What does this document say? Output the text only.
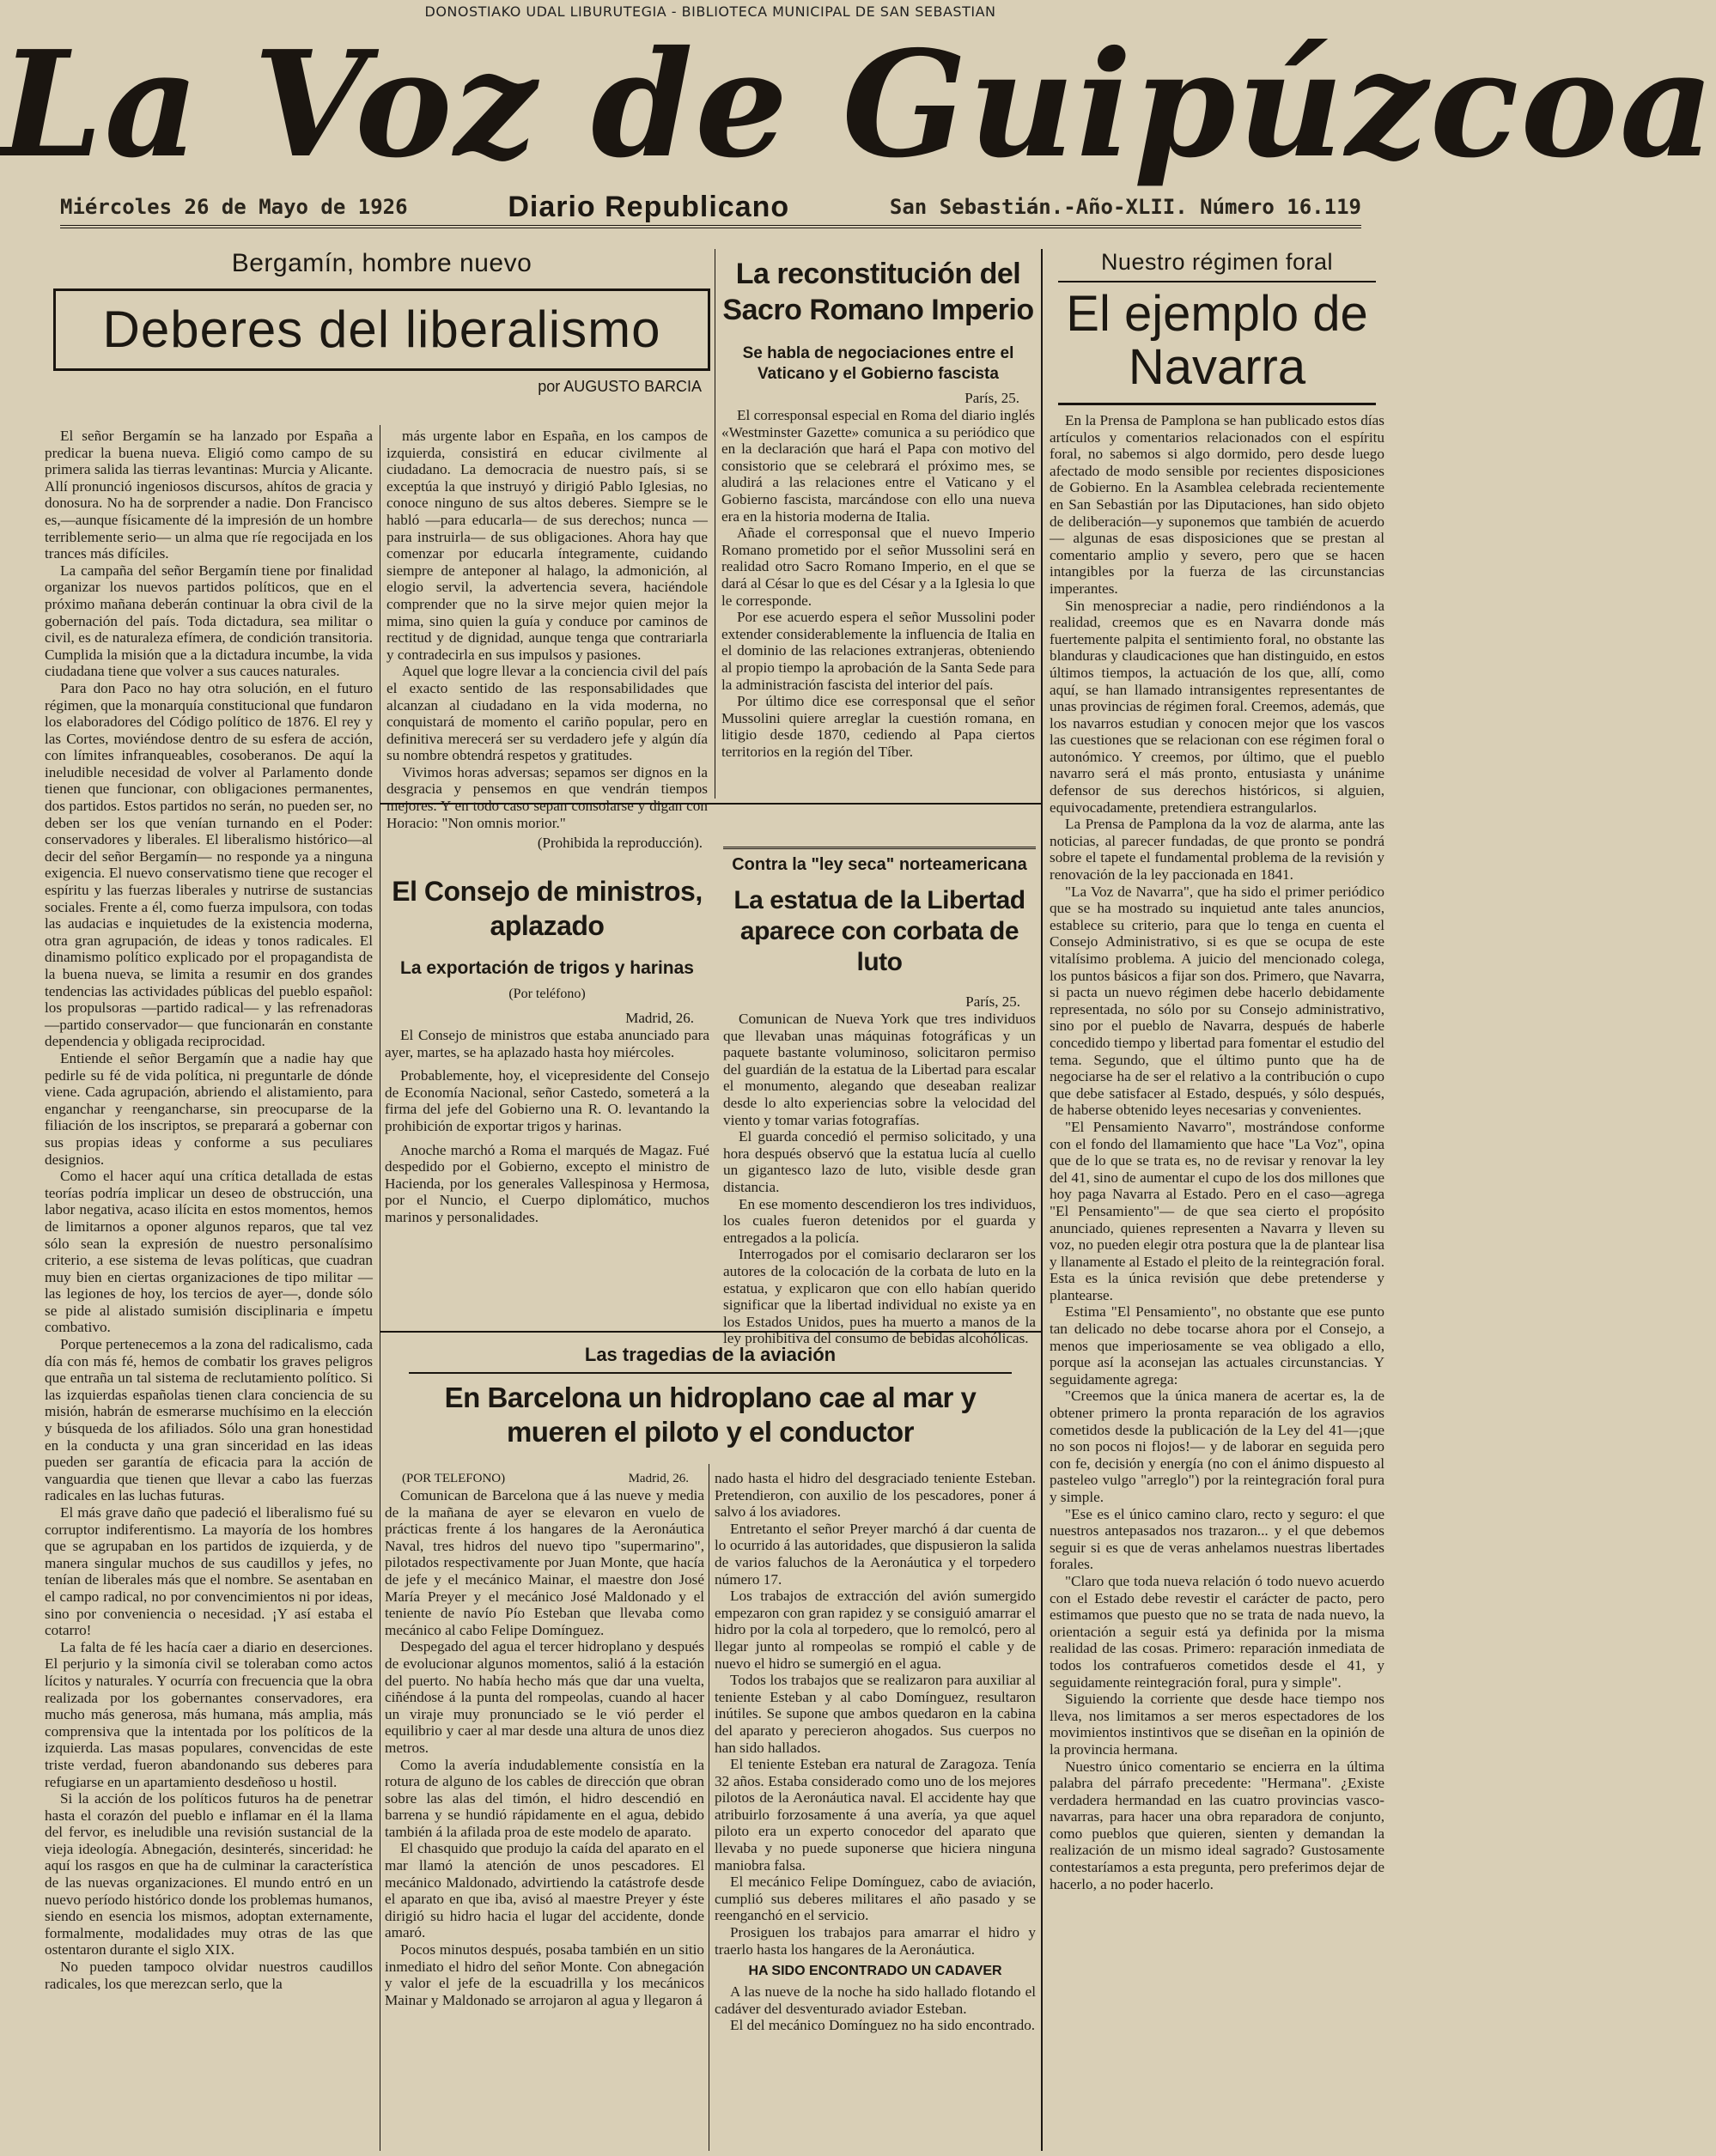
DONOSTIAKO UDAL LIBURUTEGIA - BIBLIOTECA MUNICIPAL DE SAN SEBASTIAN
La Voz de Guipúzcoa
Miércoles 26 de Mayo de 1926	Diario Republicano	San Sebastián.-Año-XLII. Número 16.119
Bergamín, hombre nuevo
Deberes del liberalismo
por AUGUSTO BARCIA

El señor Bergamín se ha lanzado por España a predicar la buena nueva. Eligió como campo de su primera salida las tierras levantinas: Murcia y Alicante. Allí pronunció ingeniosos discursos, ahítos de gracia y donosura. No ha de sorprender a nadie. Don Francisco es,—aunque físicamente dé la impresión de un hombre terriblemente serio— un alma que ríe regocijada en los trances más difíciles.

La campaña del señor Bergamín tiene por finalidad organizar los nuevos partidos políticos, que en el próximo mañana deberán continuar la obra civil de la gobernación del país. Toda dictadura, sea militar o civil, es de naturaleza efímera, de condición transitoria. Cumplida la misión que a la dictadura incumbe, la vida ciudadana tiene que volver a sus cauces naturales.

Para don Paco no hay otra solución, en el futuro régimen, que la monarquía constitucional que fundaron los elaboradores del Código político de 1876. El rey y las Cortes, moviéndose dentro de su esfera de acción, con límites infranqueables, cosoberanos. De aquí la ineludible necesidad de volver al Parlamento donde tienen que funcionar, con obligaciones permanentes, dos partidos. Estos partidos no serán, no pueden ser, no deben ser los que venían turnando en el Poder: conservadores y liberales. El liberalismo histórico—al decir del señor Bergamín— no responde ya a ninguna exigencia. El nuevo conservatismo tiene que recoger el espíritu y las fuerzas liberales y nutrirse de sustancias sociales. Frente a él, como fuerza impulsora, con todas las audacias e inquietudes de la existencia moderna, otra gran agrupación, de ideas y tonos radicales. El dinamismo político explicado por el propagandista de la buena nueva, se limita a resumir en dos grandes tendencias las actividades públicas del pueblo español: los propulsoras —partido radical— y las refrenadoras—partido conservador— que funcionarán en constante dependencia y obligada reciprocidad.

Entiende el señor Bergamín que a nadie hay que pedirle su fé de vida política, ni preguntarle de dónde viene. Cada agrupación, abriendo el alistamiento, para enganchar y reengancharse, sin preocuparse de la filiación de los inscriptos, se preparará a gobernar con sus propias ideas y conforme a sus peculiares designios.

Como el hacer aquí una crítica detallada de estas teorías podría implicar un deseo de obstrucción, una labor negativa, acaso ilícita en estos momentos, hemos de limitarnos a oponer algunos reparos, que tal vez sólo sean la expresión de nuestro personalísimo criterio, a ese sistema de levas políticas, que cuadran muy bien en ciertas organizaciones de tipo militar —las legiones de hoy, los tercios de ayer—, donde sólo se pide al alistado sumisión disciplinaria e ímpetu combativo.

Porque pertenecemos a la zona del radicalismo, cada día con más fé, hemos de combatir los graves peligros que entraña un tal sistema de reclutamiento político. Si las izquierdas españolas tienen clara conciencia de su misión, habrán de esmerarse muchísimo en la elección y búsqueda de los afiliados. Sólo una gran honestidad en la conducta y una gran sinceridad en las ideas pueden ser garantía de eficacia para la acción de vanguardia que tienen que llevar a cabo las fuerzas radicales en las luchas futuras.

El más grave daño que padeció el liberalismo fué su corruptor indiferentismo. La mayoría de los hombres que se agrupaban en los partidos de izquierda, y de manera singular muchos de sus caudillos y jefes, no tenían de liberales más que el nombre. Se asentaban en el campo radical, no por convencimientos ni por ideas, sino por conveniencia o necesidad. ¡Y así estaba el cotarro!

La falta de fé les hacía caer a diario en deserciones. El perjurio y la simonía civil se toleraban como actos lícitos y naturales. Y ocurría con frecuencia que la obra realizada por los gobernantes conservadores, era mucho más generosa, más humana, más amplia, más comprensiva que la intentada por los políticos de la izquierda. Las masas populares, convencidas de este triste verdad, fueron abandonando sus deberes para refugiarse en un apartamiento desdeñoso u hostil.

Si la acción de los políticos futuros ha de penetrar hasta el corazón del pueblo e inflamar en él la llama del fervor, es ineludible una revisión sustancial de la vieja ideología. Abnegación, desinterés, sinceridad: he aquí los rasgos en que ha de culminar la característica de las nuevas organizaciones. El mundo entró en un nuevo período histórico donde los problemas humanos, siendo en esencia los mismos, adoptan externamente, formalmente, modalidades muy otras de las que ostentaron durante el siglo XIX.

No pueden tampoco olvidar nuestros caudillos radicales, los que merezcan serlo, que la

más urgente labor en España, en los campos de izquierda, consistirá en educar civilmente al ciudadano. La democracia de nuestro país, si se exceptúa la que instruyó y dirigió Pablo Iglesias, no conoce ninguno de sus altos deberes. Siempre se le habló —para educarla— de sus derechos; nunca —para instruirla— de sus obligaciones. Ahora hay que comenzar por educarla íntegramente, cuidando siempre de anteponer al halago, la admonición, al elogio servil, la advertencia severa, haciéndole comprender que no la sirve mejor quien mejor la mima, sino quien la guía y conduce por caminos de rectitud y de dignidad, aunque tenga que contrariarla y contradecirla en sus impulsos y pasiones.

Aquel que logre llevar a la conciencia civil del país el exacto sentido de las responsabilidades que alcanzan al ciudadano en la vida moderna, no conquistará de momento el cariño popular, pero en definitiva merecerá ser su verdadero jefe y algún día su nombre obtendrá respetos y gratitudes.

Vivimos horas adversas; sepamos ser dignos en la desgracia y pensemos en que vendrán tiempos mejores. Y en todo caso sepan consolarse y digan con Horacio: "Non omnis morior."

(Prohibida la reproducción).
La reconstitución del Sacro Romano Imperio
Se habla de negociaciones entre el Vaticano y el Gobierno fascista
París, 25.

El corresponsal especial en Roma del diario inglés «Westminster Gazette» comunica a su periódico que en la declaración que hará el Papa con motivo del consistorio que se celebrará el próximo mes, se aludirá a las relaciones entre el Vaticano y el Gobierno fascista, marcándose con ello una nueva era en la historia moderna de Italia.

Añade el corresponsal que el nuevo Imperio Romano prometido por el señor Mussolini será en realidad otro Sacro Romano Imperio, en el que se dará al César lo que es del César y a la Iglesia lo que le corresponde.

Por ese acuerdo espera el señor Mussolini poder extender considerablemente la influencia de Italia en el dominio de las relaciones extranjeras, obteniendo al propio tiempo la aprobación de la Santa Sede para la administración fascista del interior del país.

Por último dice ese corresponsal que el señor Mussolini quiere arreglar la cuestión romana, en litigio desde 1870, cediendo al Papa ciertos territorios en la región del Tíber.

El Consejo de ministros, aplazado
La exportación de trigos y harinas
(Por teléfono)
Madrid, 26.

El Consejo de ministros que estaba anunciado para ayer, martes, se ha aplazado hasta hoy miércoles.

Probablemente, hoy, el vicepresidente del Consejo de Economía Nacional, señor Castedo, someterá a la firma del jefe del Gobierno una R. O. levantando la prohibición de exportar trigos y harinas.

Anoche marchó a Roma el marqués de Magaz. Fué despedido por el Gobierno, excepto el ministro de Hacienda, por los generales Vallespinosa y Hermosa, por el Nuncio, el Cuerpo diplomático, muchos marinos y personalidades.

Contra la "ley seca" norteamericana
La estatua de la Libertad aparece con corbata de luto
París, 25.

Comunican de Nueva York que tres individuos que llevaban unas máquinas fotográficas y un paquete bastante voluminoso, solicitaron permiso del guardián de la estatua de la Libertad para escalar el monumento, alegando que deseaban realizar desde lo alto experiencias sobre la velocidad del viento y tomar varias fotografías.

El guarda concedió el permiso solicitado, y una hora después observó que la estatua lucía al cuello un gigantesco lazo de luto, visible desde gran distancia.

En ese momento descendieron los tres individuos, los cuales fueron detenidos por el guarda y entregados a la policía.

Interrogados por el comisario declararon ser los autores de la colocación de la corbata de luto en la estatua, y explicaron que con ello habían querido significar que la libertad individual no existe ya en los Estados Unidos, pues ha muerto a manos de la ley prohibitiva del consumo de bebidas alcohólicas.

Las tragedias de la aviación
En Barcelona un hidroplano cae al mar y mueren el piloto y el conductor
(POR TELEFONO)	Madrid, 26.

Comunican de Barcelona que á las nueve y media de la mañana de ayer se elevaron en vuelo de prácticas frente á los hangares de la Aeronáutica Naval, tres hidros del nuevo tipo "supermarino", pilotados respectivamente por Juan Monte, que hacía de jefe y el mecánico Mainar, el maestre don José María Preyer y el mecánico José Maldonado y el teniente de navío Pío Esteban que llevaba como mecánico al cabo Felipe Domínguez.

Despegado del agua el tercer hidroplano y después de evolucionar algunos momentos, salió á la estación del puerto. No había hecho más que dar una vuelta, ciñéndose á la punta del rompeolas, cuando al hacer un viraje muy pronunciado se le vió perder el equilibrio y caer al mar desde una altura de unos diez metros.

Como la avería indudablemente consistía en la rotura de alguno de los cables de dirección que obran sobre las alas del timón, el hidro descendió en barrena y se hundió rápidamente en el agua, debido también á la afilada proa de este modelo de aparato.

El chasquido que produjo la caída del aparato en el mar llamó la atención de unos pescadores. El mecánico Maldonado, advirtiendo la catástrofe desde el aparato en que iba, avisó al maestre Preyer y éste dirigió su hidro hacia el lugar del accidente, donde amaró.

Pocos minutos después, posaba también en un sitio inmediato el hidro del señor Monte. Con abnegación y valor el jefe de la escuadrilla y los mecánicos Mainar y Maldonado se arrojaron al agua y llegaron á

nado hasta el hidro del desgraciado teniente Esteban. Pretendieron, con auxilio de los pescadores, poner á salvo á los aviadores.

Entretanto el señor Preyer marchó á dar cuenta de lo ocurrido á las autoridades, que dispusieron la salida de varios faluchos de la Aeronáutica y el torpedero número 17.

Los trabajos de extracción del avión sumergido empezaron con gran rapidez y se consiguió amarrar el hidro por la cola al torpedero, que lo remolcó, pero al llegar junto al rompeolas se rompió el cable y de nuevo el hidro se sumergió en el agua.

Todos los trabajos que se realizaron para auxiliar al teniente Esteban y al cabo Domínguez, resultaron inútiles. Se supone que ambos quedaron en la cabina del aparato y perecieron ahogados. Sus cuerpos no han sido hallados.

El teniente Esteban era natural de Zaragoza. Tenía 32 años. Estaba considerado como uno de los mejores pilotos de la Aeronáutica naval. El accidente hay que atribuirlo forzosamente á una avería, ya que aquel piloto era un experto conocedor del aparato que llevaba y no puede suponerse que hiciera ninguna maniobra falsa.

El mecánico Felipe Domínguez, cabo de aviación, cumplió sus deberes militares el año pasado y se reenganchó en el servicio.

Prosiguen los trabajos para amarrar el hidro y traerlo hasta los hangares de la Aeronáutica.

HA SIDO ENCONTRADO UN CADAVER

A las nueve de la noche ha sido hallado flotando el cadáver del desventurado aviador Esteban.

El del mecánico Domínguez no ha sido encontrado.

Nuestro régimen foral
El ejemplo de Navarra

En la Prensa de Pamplona se han publicado estos días artículos y comentarios relacionados con el espíritu foral, no sabemos si algo dormido, pero desde luego afectado de modo sensible por recientes disposiciones de Gobierno. En la Asamblea celebrada recientemente en San Sebastián por las Diputaciones, han sido objeto de deliberación—y suponemos que también de acuerdo— algunas de esas disposiciones que se prestan al comentario amplio y severo, pero que se hacen intangibles por la fuerza de las circunstancias imperantes.

Sin menospreciar a nadie, pero rindiéndonos a la realidad, creemos que es en Navarra donde más fuertemente palpita el sentimiento foral, no obstante las blanduras y claudicaciones que han distinguido, en estos últimos tiempos, la actuación de los que, allí, como aquí, se han llamado intransigentes representantes de unas provincias de régimen foral. Creemos, además, que los navarros estudian y conocen mejor que los vascos las cuestiones que se relacionan con ese régimen foral o autonómico. Y creemos, por último, que el pueblo navarro será el más pronto, entusiasta y unánime defensor de sus derechos históricos, si alguien, equivocadamente, pretendiera estrangularlos.

La Prensa de Pamplona da la voz de alarma, ante las noticias, al parecer fundadas, de que pronto se pondrá sobre el tapete el fundamental problema de la revisión y renovación de la ley paccionada en 1841.

"La Voz de Navarra", que ha sido el primer periódico que se ha mostrado su inquietud ante tales anuncios, establece su criterio, para que lo tenga en cuenta el Consejo Administrativo, si es que se ocupa de este vitalísimo problema. A juicio del mencionado colega, los puntos básicos a fijar son dos. Primero, que Navarra, si pacta un nuevo régimen debe hacerlo debidamente representada, no sólo por su Consejo administrativo, sino por el pueblo de Navarra, después de haberle concedido tiempo y libertad para fomentar el estudio del tema. Segundo, que el último punto que ha de negociarse ha de ser el relativo a la contribución o cupo que debe satisfacer al Estado, después, y sólo después, de haberse obtenido leyes necesarias y convenientes.

"El Pensamiento Navarro", mostrándose conforme con el fondo del llamamiento que hace "La Voz", opina que de lo que se trata es, no de revisar y renovar la ley del 41, sino de aumentar el cupo de los dos millones que hoy paga Navarra al Estado. Pero en el caso—agrega "El Pensamiento"— de que sea cierto el propósito anunciado, quienes representen a Navarra y lleven su voz, no pueden elegir otra postura que la de plantear lisa y llanamente al Estado el pleito de la reintegración foral. Esta es la única revisión que debe pretenderse y plantearse.

Estima "El Pensamiento", no obstante que ese punto tan delicado no debe tocarse ahora por el Consejo, a menos que imperiosamente se vea obligado a ello, porque así la aconsejan las actuales circunstancias. Y seguidamente agrega:

"Creemos que la única manera de acertar es, la de obtener primero la pronta reparación de los agravios cometidos desde la publicación de la Ley del 41—¡que no son pocos ni flojos!— y de laborar en seguida pero con fe, decisión y energía (no con el ánimo dispuesto al pasteleo vulgo "arreglo") por la reintegración foral pura y simple.

"Ese es el único camino claro, recto y seguro: el que nuestros antepasados nos trazaron... y el que debemos seguir si es que de veras anhelamos nuestras libertades forales.

"Claro que toda nueva relación ó todo nuevo acuerdo con el Estado debe revestir el carácter de pacto, pero estimamos que puesto que no se trata de nada nuevo, la orientación a seguir está ya definida por la misma realidad de las cosas. Primero: reparación inmediata de todos los contrafueros cometidos desde el 41, y seguidamente reintegración foral, pura y simple".

Siguiendo la corriente que desde hace tiempo nos lleva, nos limitamos a ser meros espectadores de los movimientos instintivos que se diseñan en la opinión de la provincia hermana.

Nuestro único comentario se encierra en la última palabra del párrafo precedente: "Hermana". ¿Existe verdadera hermandad en las cuatro provincias vasco-navarras, para hacer una obra reparadora de conjunto, como pueblos que quieren, sienten y demandan la realización de un mismo ideal sagrado? Gustosamente contestaríamos a esta pregunta, pero preferimos dejar de hacerlo, a no poder hacerlo.
